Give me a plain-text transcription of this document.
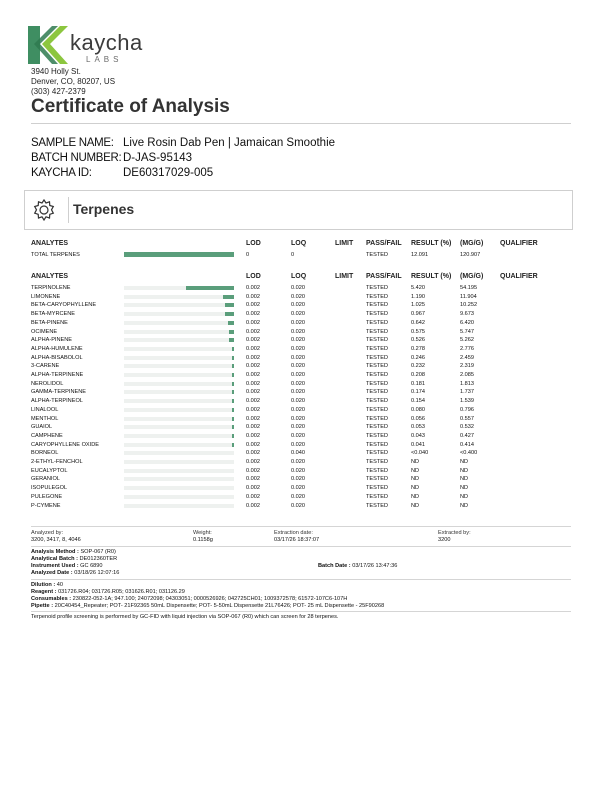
kaycha
LABS
3940 Holly St.
Denver, CO, 80207, US
(303) 427-2379
Certificate of Analysis
SAMPLE NAME: Live Rosin Dab Pen | Jamaican Smoothie
BATCH NUMBER: D-JAS-95143
KAYCHA ID:	DE60317029-005
Terpenes
ANALYTES	LOD	LOQ	LIMIT PASS/FAIL RESULT (%) (MG/G) QUALIFIER
TOTAL TERPENES	0	0	TESTED	12.091	120.907
ANALYTES	LOD	LOQ	LIMIT PASS/FAIL RESULT (%) (MG/G) QUALIFIER
TERPINOLENE	0.002	0.020	TESTED	5.420	54.195
LIMONENE	0.002	0.020	TESTED	1.190	11.904
BETA-CARYOPHYLLENE	0.002	0.020	TESTED	1.025	10.252
BETA-MYRCENE	0.002	0.020	TESTED	0.967	9.673
BETA-PINENE	0.002	0.020	TESTED	0.642	6.420
OCIMENE	0.002	0.020	TESTED	0.575	5.747
ALPHA-PINENE	0.002	0.020	TESTED	0.526	5.262
ALPHA-HUMULENE	0.002	0.020	TESTED	0.278	2.776
ALPHA-BISABOLOL	0.002	0.020	TESTED	0.246	2.459
3-CARENE	0.002	0.020	TESTED	0.232	2.319
ALPHA-TERPINENE	0.002	0.020	TESTED	0.208	2.085
NEROLIDOL	0.002	0.020	TESTED	0.181	1.813
GAMMA-TERPINENE	0.002	0.020	TESTED	0.174	1.737
ALPHA-TERPINEOL	0.002	0.020	TESTED	0.154	1.539
LINALOOL	0.002	0.020	TESTED	0.080	0.796
MENTHOL	0.002	0.020	TESTED	0.056	0.557
GUAIOL	0.002	0.020	TESTED	0.053	0.532
CAMPHENE	0.002	0.020	TESTED	0.043	0.427
CARYOPHYLLENE OXIDE	0.002	0.020	TESTED	0.041	0.414
BORNEOL	0.002	0.040	TESTED	<0.040	<0.400
2-ETHYL-FENCHOL	0.002	0.020	TESTED	ND	ND
EUCALYPTOL	0.002	0.020	TESTED	ND	ND
GERANIOL	0.002	0.020	TESTED	ND	ND
ISOPULEGOL	0.002	0.020	TESTED	ND	ND
PULEGONE	0.002	0.020	TESTED	ND	ND
P-CYMENE	0.002	0.020	TESTED	ND	ND
Analyzed by:
3200, 3417, 8, 4046
Weight:
0.1158g
Extraction date:
03/17/26 18:37:07
Extracted by:
3200
Analysis Method : SOP-067 (R0)
Analytical Batch : DE012360TER
Instrument Used : GC 6890	Batch Date : 03/17/26 13:47:36
Analyzed Date : 03/18/26 12:07:16
Dilution : 40
Reagent : 031726.R04; 031726.R05; 031626.R01; 031126.29
Consumables : 230822-052-1A; 947.100; 24072098; 04303051; 0000526926; 042725CH01; 1009372578; 61572-107C6-107H
Pipette : 20C40454_Repeater; POT- 21F92365 50mL Dispensette; POT- 5-50mL Dispensette 21L76426; POT- 25 mL Dispensette - 25F90268
Terpenoid profile screening is performed by GC-FID with liquid injection via SOP-067 (R0) which can screen for 28 terpenes.
